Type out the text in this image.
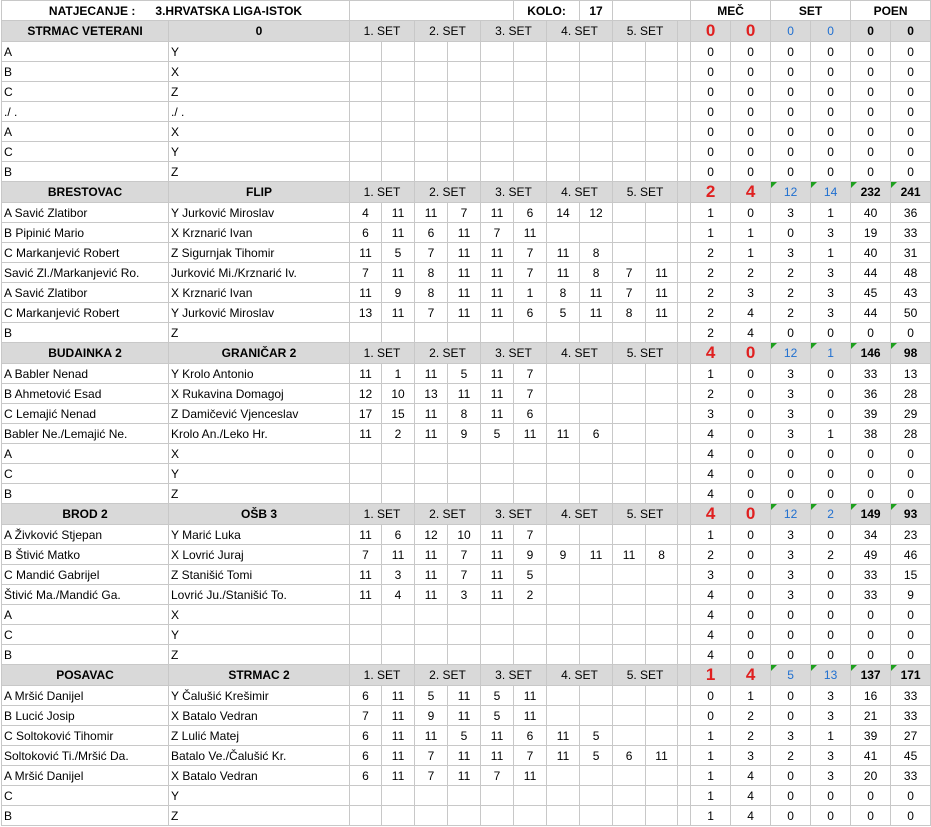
NATJECANJE : 3.HRVATSKA LIGA-ISTOK							KOLO:		17				MEČ		SET		POEN	
STRMAC VETERANI	0	1. SET		2. SET		3. SET		4. SET		5. SET			0	0	0	0	0	0
A	Y												0	0	0	0	0	0
B	X												0	0	0	0	0	0
C	Z												0	0	0	0	0	0
./ .	./ .												0	0	0	0	0	0
A	X												0	0	0	0	0	0
C	Y												0	0	0	0	0	0
B	Z												0	0	0	0	0	0
BRESTOVAC	FLIP	1. SET		2. SET		3. SET		4. SET		5. SET			2	4	12	14	232	241
A Savić Zlatibor	Y Jurković Miroslav	4	11	11	7	11	6	14	12				1	0	3	1	40	36
B Pipinić Mario	X Krznarić Ivan	6	11	6	11	7	11						1	1	0	3	19	33
C Markanjević Robert	Z Sigurnjak Tihomir	11	5	7	11	11	7	11	8				2	1	3	1	40	31
Savić Zl./Markanjević Ro.	Jurković Mi./Krznarić Iv.	7	11	8	11	11	7	11	8	7	11		2	2	2	3	44	48
A Savić Zlatibor	X Krznarić Ivan	11	9	8	11	11	1	8	11	7	11		2	3	2	3	45	43
C Markanjević Robert	Y Jurković Miroslav	13	11	7	11	11	6	5	11	8	11		2	4	2	3	44	50
B	Z												2	4	0	0	0	0
BUDAINKA 2	GRANIČAR 2	1. SET		2. SET		3. SET		4. SET		5. SET			4	0	12	1	146	98
A Babler Nenad	Y Krolo Antonio	11	1	11	5	11	7						1	0	3	0	33	13
B Ahmetović Esad	X Rukavina Domagoj	12	10	13	11	11	7						2	0	3	0	36	28
C Lemajić Nenad	Z Damičević Vjenceslav	17	15	11	8	11	6						3	0	3	0	39	29
Babler Ne./Lemajić Ne.	Krolo An./Leko Hr.	11	2	11	9	5	11	11	6				4	0	3	1	38	28
A	X												4	0	0	0	0	0
C	Y												4	0	0	0	0	0
B	Z												4	0	0	0	0	0
BROD 2	OŠB 3	1. SET		2. SET		3. SET		4. SET		5. SET			4	0	12	2	149	93
A Živković Stjepan	Y Marić Luka	11	6	12	10	11	7						1	0	3	0	34	23
B Štivić Matko	X Lovrić Juraj	7	11	11	7	11	9	9	11	11	8		2	0	3	2	49	46
C Mandić Gabrijel	Z Stanišić Tomi	11	3	11	7	11	5						3	0	3	0	33	15
Štivić Ma./Mandić Ga.	Lovrić Ju./Stanišić To.	11	4	11	3	11	2						4	0	3	0	33	9
A	X												4	0	0	0	0	0
C	Y												4	0	0	0	0	0
B	Z												4	0	0	0	0	0
POSAVAC	STRMAC 2	1. SET		2. SET		3. SET		4. SET		5. SET			1	4	5	13	137	171
A Mršić Danijel	Y Čalušić Krešimir	6	11	5	11	5	11						0	1	0	3	16	33
B Lucić Josip	X Batalo Vedran	7	11	9	11	5	11						0	2	0	3	21	33
C Soltoković Tihomir	Z Lulić Matej	6	11	11	5	11	6	11	5				1	2	3	1	39	27
Soltoković Ti./Mršić Da.	Batalo Ve./Čalušić Kr.	6	11	7	11	11	7	11	5	6	11		1	3	2	3	41	45
A Mršić Danijel	X Batalo Vedran	6	11	7	11	7	11						1	4	0	3	20	33
C	Y												1	4	0	0	0	0
B	Z												1	4	0	0	0	0
